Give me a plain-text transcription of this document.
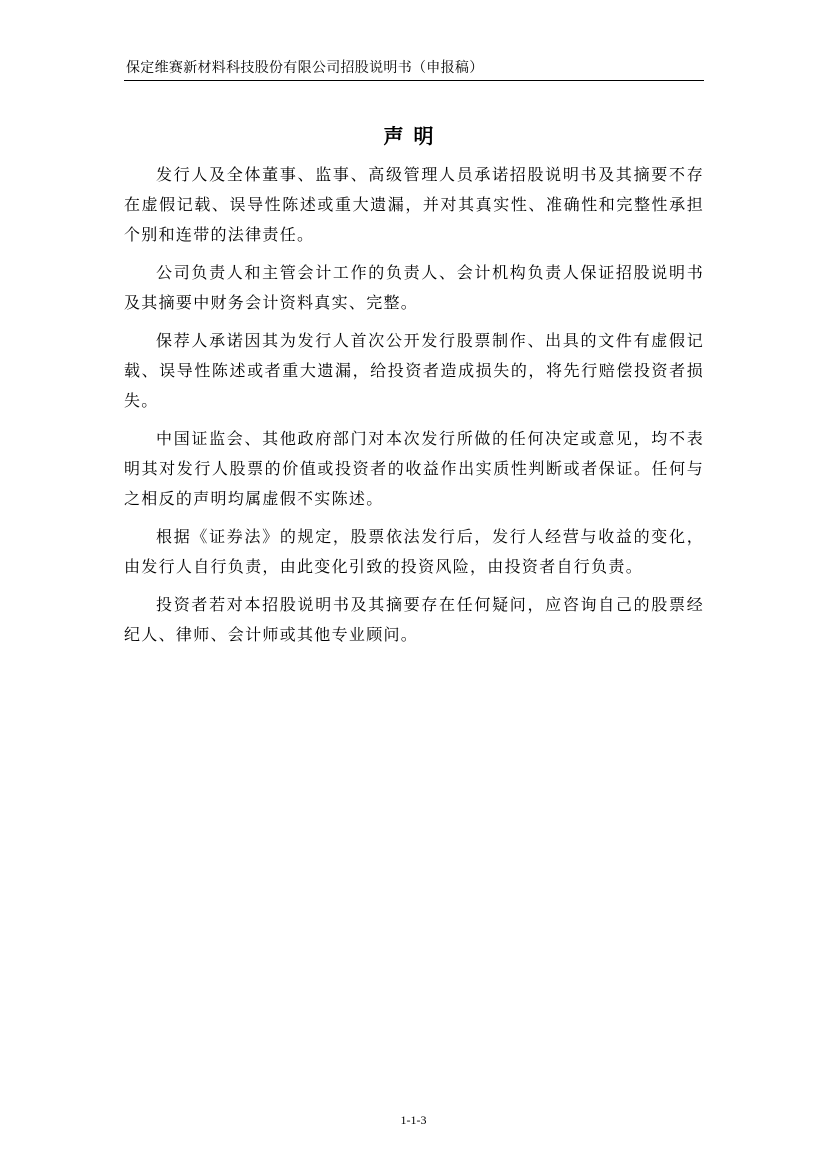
保定维赛新材料科技股份有限公司招股说明书（申报稿）
声明

发行人及全体董事、监事、高级管理人员承诺招股说明书及其摘要不存在虚假记载、误导性陈述或重大遗漏，并对其真实性、准确性和完整性承担个别和连带的法律责任。

公司负责人和主管会计工作的负责人、会计机构负责人保证招股说明书及其摘要中财务会计资料真实、完整。

保荐人承诺因其为发行人首次公开发行股票制作、出具的文件有虚假记载、误导性陈述或者重大遗漏，给投资者造成损失的，将先行赔偿投资者损失。

中国证监会、其他政府部门对本次发行所做的任何决定或意见，均不表明其对发行人股票的价值或投资者的收益作出实质性判断或者保证。任何与之相反的声明均属虚假不实陈述。

根据《证券法》的规定，股票依法发行后，发行人经营与收益的变化，由发行人自行负责，由此变化引致的投资风险，由投资者自行负责。

投资者若对本招股说明书及其摘要存在任何疑问，应咨询自己的股票经纪人、律师、会计师或其他专业顾问。

1-1-3
